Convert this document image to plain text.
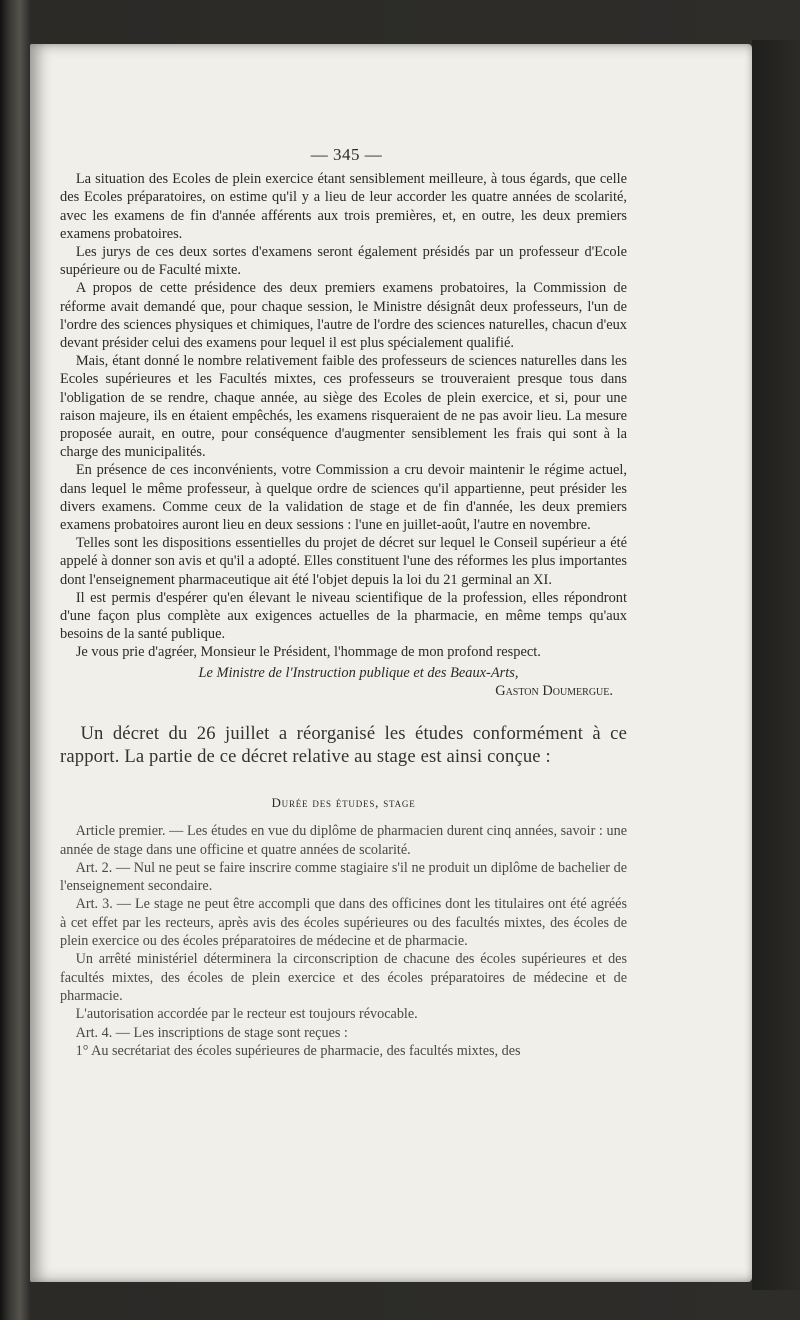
— 345 —

La situation des Ecoles de plein exercice étant sensiblement meilleure, à tous égards, que celle des Ecoles préparatoires, on estime qu'il y a lieu de leur accorder les quatre années de scolarité, avec les examens de fin d'année afférents aux trois premières, et, en outre, les deux premiers examens probatoires.

Les jurys de ces deux sortes d'examens seront également présidés par un professeur d'Ecole supérieure ou de Faculté mixte.

A propos de cette présidence des deux premiers examens probatoires, la Commission de réforme avait demandé que, pour chaque session, le Ministre désignât deux professeurs, l'un de l'ordre des sciences physiques et chimiques, l'autre de l'ordre des sciences naturelles, chacun d'eux devant présider celui des examens pour lequel il est plus spécialement qualifié.

Mais, étant donné le nombre relativement faible des professeurs de sciences naturelles dans les Ecoles supérieures et les Facultés mixtes, ces professeurs se trouveraient presque tous dans l'obligation de se rendre, chaque année, au siège des Ecoles de plein exercice, et si, pour une raison majeure, ils en étaient empêchés, les examens risqueraient de ne pas avoir lieu. La mesure proposée aurait, en outre, pour conséquence d'augmenter sensiblement les frais qui sont à la charge des municipalités.

En présence de ces inconvénients, votre Commission a cru devoir maintenir le régime actuel, dans lequel le même professeur, à quelque ordre de sciences qu'il appartienne, peut présider les divers examens. Comme ceux de la validation de stage et de fin d'année, les deux premiers examens probatoires auront lieu en deux sessions : l'une en juillet-août, l'autre en novembre.

Telles sont les dispositions essentielles du projet de décret sur lequel le Conseil supérieur a été appelé à donner son avis et qu'il a adopté. Elles constituent l'une des réformes les plus importantes dont l'enseignement pharmaceutique ait été l'objet depuis la loi du 21 germinal an XI.

Il est permis d'espérer qu'en élevant le niveau scientifique de la profession, elles répondront d'une façon plus complète aux exigences actuelles de la pharmacie, en même temps qu'aux besoins de la santé publique.

Je vous prie d'agréer, Monsieur le Président, l'hommage de mon profond respect.

Le Ministre de l'Instruction publique et des Beaux-Arts,
Gaston Doumergue.

Un décret du 26 juillet a réorganisé les études conformément à ce rapport. La partie de ce décret relative au stage est ainsi conçue :

Durée des études, stage

Article premier. — Les études en vue du diplôme de pharmacien durent cinq années, savoir : une année de stage dans une officine et quatre années de scolarité.

Art. 2. — Nul ne peut se faire inscrire comme stagiaire s'il ne produit un diplôme de bachelier de l'enseignement secondaire.

Art. 3. — Le stage ne peut être accompli que dans des officines dont les titulaires ont été agréés à cet effet par les recteurs, après avis des écoles supérieures ou des facultés mixtes, des écoles de plein exercice ou des écoles préparatoires de médecine et de pharmacie.

Un arrêté ministériel déterminera la circonscription de chacune des écoles supérieures et des facultés mixtes, des écoles de plein exercice et des écoles préparatoires de médecine et de pharmacie.

L'autorisation accordée par le recteur est toujours révocable.

Art. 4. — Les inscriptions de stage sont reçues :

1° Au secrétariat des écoles supérieures de pharmacie, des facultés mixtes, des
